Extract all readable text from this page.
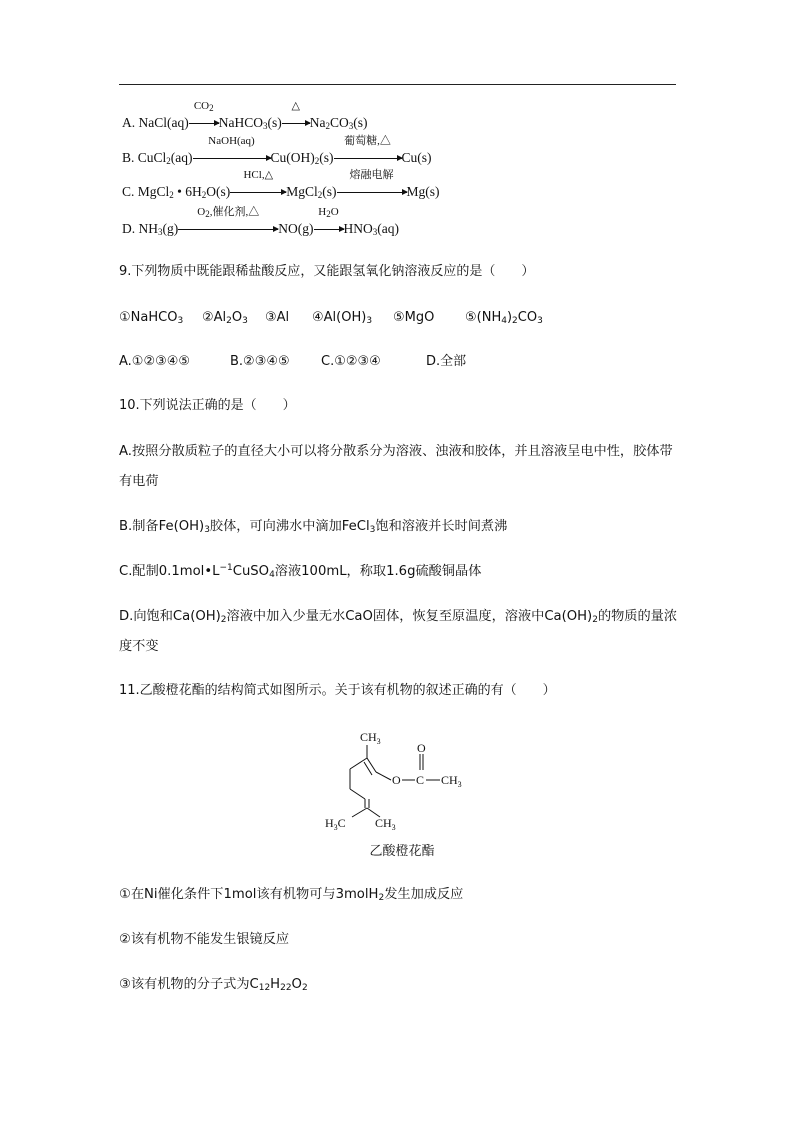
A. NaCl(aq)
$CO_2$
NaHCO$_3$(s)
△
$Na_2CO_3(s)$
B. CuCl$_2$(aq)
NaOH(aq)
$Cu(OH)_2(s)$
葡萄糖,△
Cu(s)
C. MgCl$_2$ • $6H_2O(s)$
HCl,△
MgCl$_2$(s)
熔融电解
Mg(s)
D. $NH_3(g)$
$O_2$,催化剂,△
NO(g)
$H_2O$
$HNO_3(aq)$
9.下列物质中既能跟稀盐酸反应，又能跟氢氧化钠溶液反应的是（　　）
①NaHCO$_3$ $②Al_2O_3$ ③Al $④Al(OH)_3$ ⑤MgO $⑤(NH_4)_2CO_3$
A.①②③④⑤	B.②③④⑤ C.①②③④	D.全部
10.下列说法正确的是（　　）
A.按照分散质粒子的直径大小可以将分散系分为溶液、浊液和胶体，并且溶液呈电中性，胶体带有电荷
B.制备$Fe(OH)_3$胶体，可向沸水中滴加FeCl$_3$饱和溶液并长时间煮沸
C.配制$0.1mol•L^{-1}CuSO_4$溶液100mL，称取1.6g硫酸铜晶体
D.向饱和$Ca(OH)_2$溶液中加入少量无水CaO固体，恢复至原温度，溶液中$Ca(OH)_2$的物质的量浓度不变
11.乙酸橙花酯的结构简式如图所示。关于该有机物的叙述正确的有（　　）
$CH_3$
O C
O
$CH_3$
$H_3C$ $CH_3$
乙酸橙花酯
①在Ni催化条件下1mol该有机物可与3molH$_2$发生加成反应
②该有机物不能发生银镜反应
③该有机物的分子式为$C_{12}H_{22}O_2$
